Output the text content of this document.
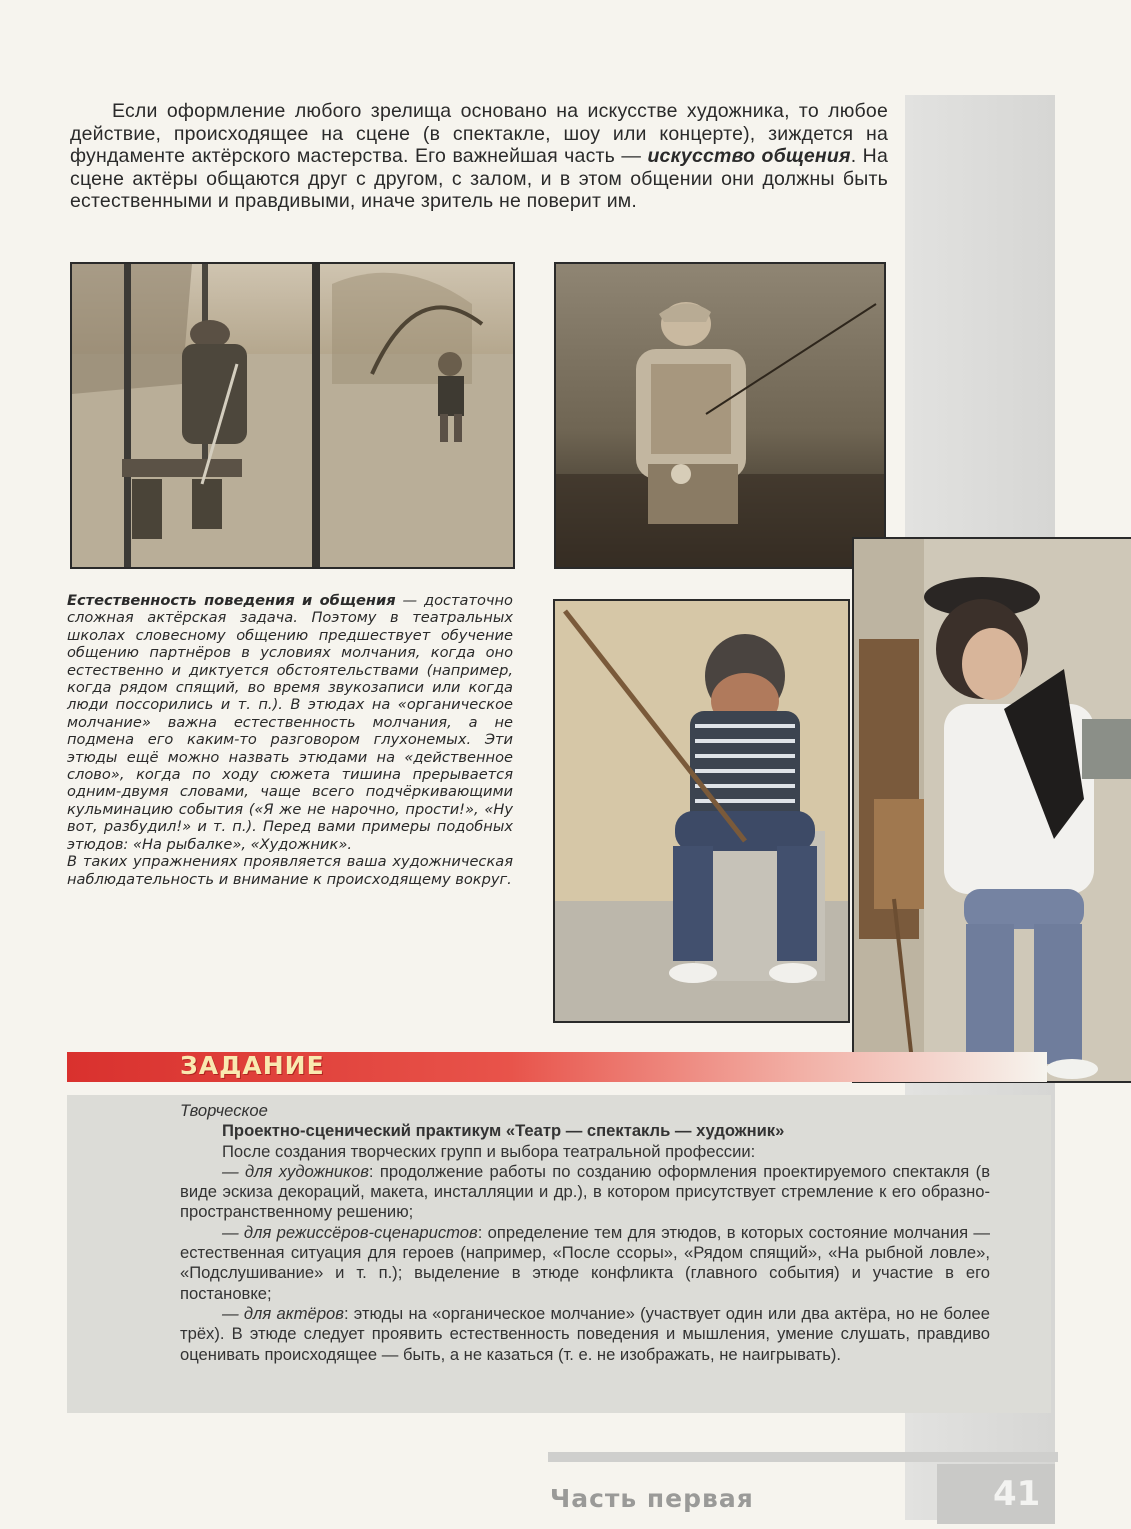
Если оформление любого зрелища основано на искусстве художника, то любое действие, происходящее на сцене (в спектакле, шоу или концерте), зиждется на фундаменте актёрского мастерства. Его важнейшая часть — искусство общения. На сцене актёры общаются друг с другом, с залом, и в этом общении они должны быть естественными и правдивыми, иначе зритель не поверит им.
Естественность поведения и общения — достаточно сложная актёрская задача. Поэтому в театральных школах словесному общению предшествует обучение общению партнёров в условиях молчания, когда оно естественно и диктуется обстоятельствами (например, когда рядом спящий, во время звукозаписи или когда люди поссорились и т. п.). В этюдах на «органическое молчание» важна естественность молчания, а не подмена его каким-то разговором глухонемых. Эти этюды ещё можно назвать этюдами на «действенное слово», когда по ходу сюжета тишина прерывается одним-двумя словами, чаще всего подчёркивающими кульминацию события («Я же не нарочно, прости!», «Ну вот, разбудил!» и т. п.). Перед вами примеры подобных этюдов: «На рыбалке», «Художник».
В таких упражнениях проявляется ваша художническая наблюдательность и внимание к происходящему вокруг.
ЗАДАНИЕ
Творческое
Проектно-сценический практикум «Театр — спектакль — художник»
После создания творческих групп и выбора театральной профессии:
— для художников: продолжение работы по созданию оформления проектируемого спектакля (в виде эскиза декораций, макета, инсталляции и др.), в котором присутствует стремление к его образно-пространственному решению;
— для режиссёров-сценаристов: определение тем для этюдов, в которых состояние молчания — естественная ситуация для героев (например, «После ссоры», «Рядом спящий», «На рыбной ловле», «Подслушивание» и т. п.); выделение в этюде конфликта (главного события) и участие в его постановке;
— для актёров: этюды на «органическое молчание» (участвует один или два актёра, но не более трёх). В этюде следует проявить естественность поведения и мышления, умение слушать, правдиво оценивать происходящее — быть, а не казаться (т. е. не изображать, не наигрывать).
Часть первая	41
